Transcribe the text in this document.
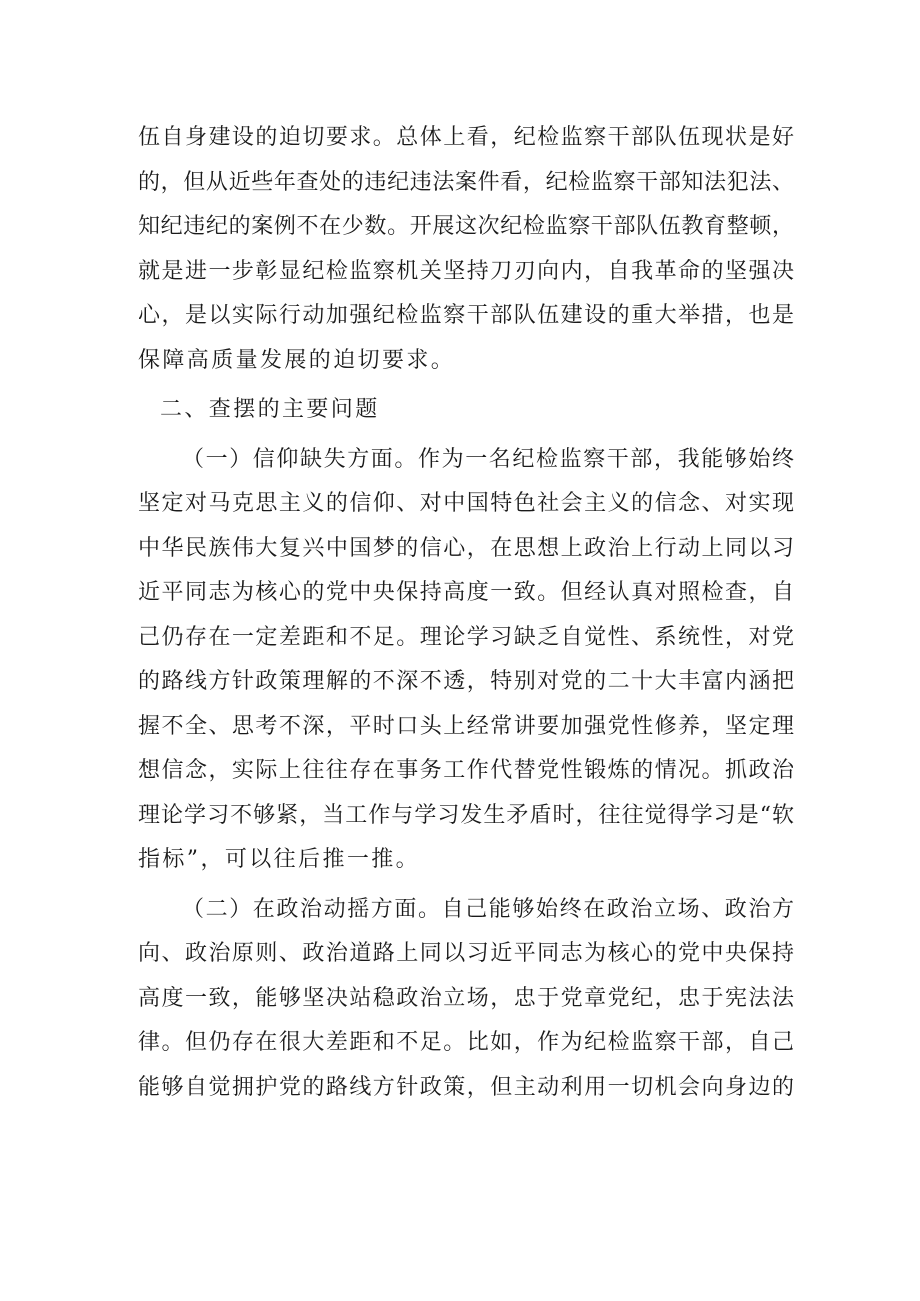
伍自身建设的迫切要求。总体上看，纪检监察干部队伍现状是好
的，但从近些年查处的违纪违法案件看，纪检监察干部知法犯法、
知纪违纪的案例不在少数。开展这次纪检监察干部队伍教育整顿，
就是进一步彰显纪检监察机关坚持刀刃向内，自我革命的坚强决
心，是以实际行动加强纪检监察干部队伍建设的重大举措，也是
保障高质量发展的迫切要求。
二、查摆的主要问题
（一）信仰缺失方面。作为一名纪检监察干部，我能够始终
坚定对马克思主义的信仰、对中国特色社会主义的信念、对实现
中华民族伟大复兴中国梦的信心，在思想上政治上行动上同以习
近平同志为核心的党中央保持高度一致。但经认真对照检查，自
己仍存在一定差距和不足。理论学习缺乏自觉性、系统性，对党
的路线方针政策理解的不深不透，特别对党的二十大丰富内涵把
握不全、思考不深，平时口头上经常讲要加强党性修养，坚定理
想信念，实际上往往存在事务工作代替党性锻炼的情况。抓政治
理论学习不够紧，当工作与学习发生矛盾时，往往觉得学习是“软
指标”，可以往后推一推。
（二）在政治动摇方面。自己能够始终在政治立场、政治方
向、政治原则、政治道路上同以习近平同志为核心的党中央保持
高度一致，能够坚决站稳政治立场，忠于党章党纪，忠于宪法法
律。但仍存在很大差距和不足。比如，作为纪检监察干部，自己
能够自觉拥护党的路线方针政策，但主动利用一切机会向身边的
